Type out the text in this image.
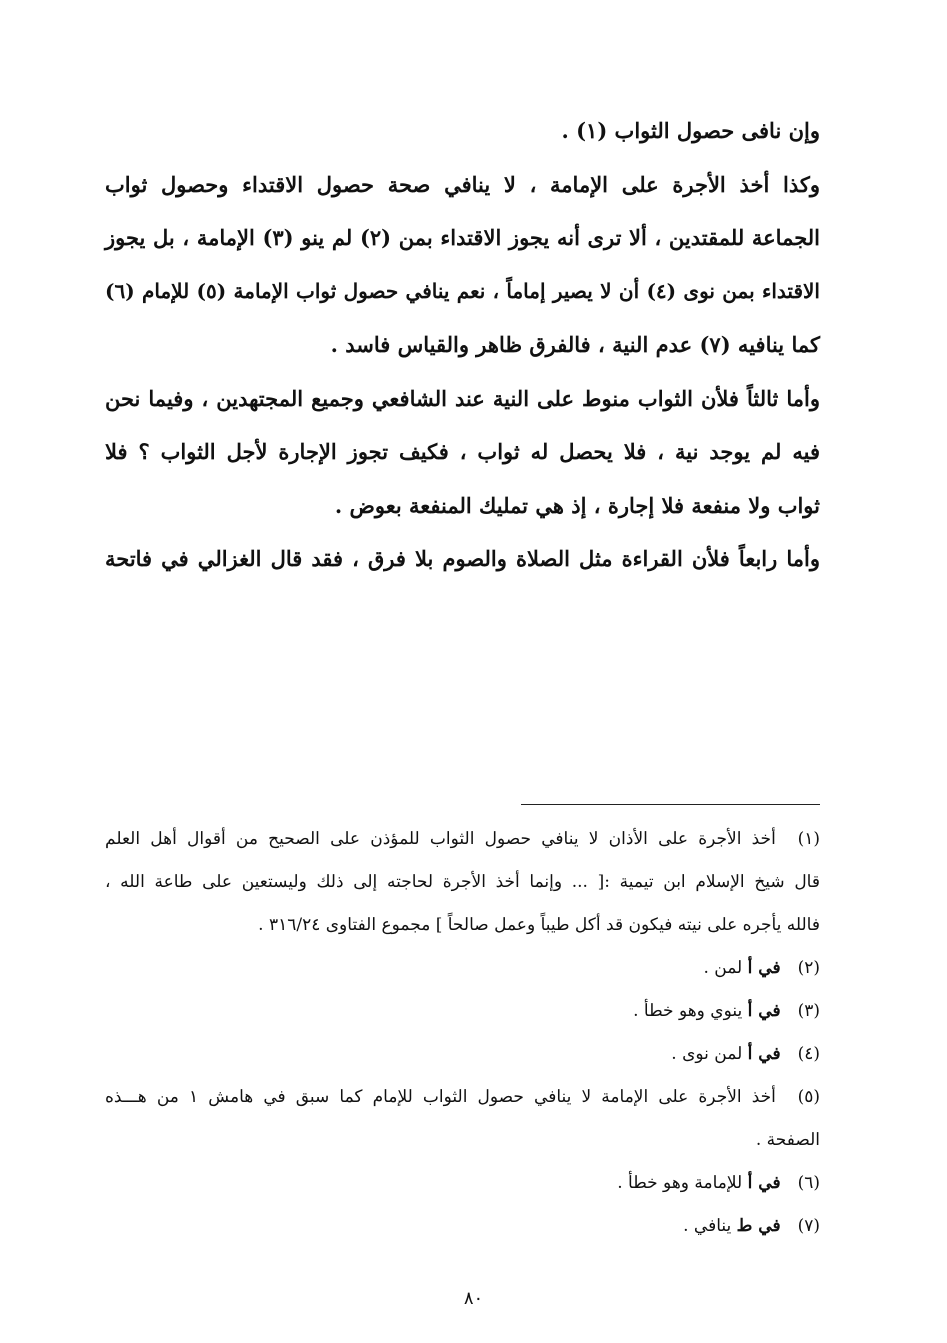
وإن نافى حصول الثواب (١) .
وكذا أخذ الأجرة على الإمامة ، لا ينافي صحة حصول الاقتداء وحصول ثواب
الجماعة للمقتدين ، ألا ترى أنه يجوز الاقتداء بمن (٢) لم ينو (٣) الإمامة ، بل يجوز
الاقتداء بمن نوى (٤) أن لا يصير إماماً ، نعم ينافي حصول ثواب الإمامة (٥) للإمام (٦)
كما ينافيه (٧) عدم النية ، فالفرق ظاهر والقياس فاسد .
وأما ثالثاً فلأن الثواب منوط على النية عند الشافعي وجميع المجتهدين ، وفيما نحن
فيه لم يوجد نية ، فلا يحصل له ثواب ، فكيف تجوز الإجارة لأجل الثواب ؟ فلا
ثواب ولا منفعة فلا إجارة ، إذ هي تمليك المنفعة بعوض .
وأما رابعاً فلأن القراءة مثل الصلاة والصوم بلا فرق ، فقد قال الغزالي في فاتحة
(١) أخذ الأجرة على الأذان لا ينافي حصول الثواب للمؤذن على الصحيح من أقوال أهل العلم
قال شيخ الإسلام ابن تيمية :[ ... وإنما أخذ الأجرة لحاجته إلى ذلك وليستعين على طاعة الله ،
فالله يأجره على نيته فيكون قد أكل طيباً وعمل صالحاً ] مجموع الفتاوى ٣١٦/٢٤ .
(٢) في أ لمن .
(٣) في أ ينوي وهو خطأ .
(٤) في أ لمن نوى .
(٥) أخذ الأجرة على الإمامة لا ينافي حصول الثواب للإمام كما سبق في هامش ١ من هـــذه
الصفحة .
(٦) في أ للإمامة وهو خطأ .
(٧) في ط ينافي .
٨٠
